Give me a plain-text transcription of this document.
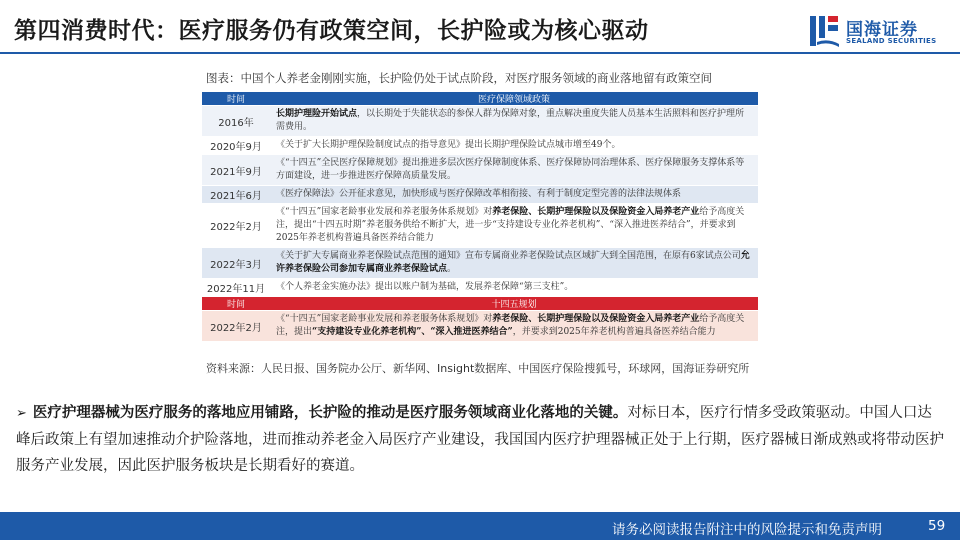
第四消费时代：医疗服务仍有政策空间，长护险或为核心驱动	国海证券
SEALAND SECURITIES
图表：中国个人养老金刚刚实施，长护险仍处于试点阶段，对医疗服务领域的商业落地留有政策空间
时间	医疗保障领域政策
2016年	长期护理险开始试点，以长期处于失能状态的参保人群为保障对象，重点解决重度失能人员基本生活照料和医疗护理所需费用。
2020年9月	《关于扩大长期护理保险制度试点的指导意见》提出长期护理保险试点城市增至49个。
2021年9月	《“十四五”全民医疗保障规划》提出推进多层次医疗保障制度体系、医疗保障协同治理体系、医疗保障服务支撑体系等方面建设，进一步推进医疗保障高质量发展。
2021年6月	《医疗保障法》公开征求意见，加快形成与医疗保障改革相衔接、有利于制度定型完善的法律法规体系
2022年2月	《“十四五”国家老龄事业发展和养老服务体系规划》对养老保险、长期护理保险以及保险资金入局养老产业给予高度关注，提出“十四五时期”养老服务供给不断扩大，进一步“支持建设专业化养老机构”、“深入推进医养结合”，并要求到2025年养老机构普遍具备医养结合能力
2022年3月	《关于扩大专属商业养老保险试点范围的通知》宣布专属商业养老保险试点区域扩大到全国范围，在原有6家试点公司允许养老保险公司参加专属商业养老保险试点。
2022年11月	《个人养老金实施办法》提出以账户制为基础，发展养老保障“第三支柱”。
时间	十四五规划
2022年2月	《“十四五”国家老龄事业发展和养老服务体系规划》对养老保险、长期护理保险以及保险资金入局养老产业给予高度关注，提出“支持建设专业化养老机构”、“深入推进医养结合”，并要求到2025年养老机构普遍具备医养结合能力
资料来源：人民日报、国务院办公厅、新华网、Insight数据库、中国医疗保险搜狐号，环球网，国海证券研究所
➢ 医疗护理器械为医疗服务的落地应用铺路，长护险的推动是医疗服务领域商业化落地的关键。对标日本，医疗行情多受政策驱动。中国人口达峰后政策上有望加速推动介护险落地，进而推动养老金入局医疗产业建设，我国国内医疗护理器械正处于上行期，医疗器械日渐成熟或将带动医护服务产业发展，因此医护服务板块是长期看好的赛道。
请务必阅读报告附注中的风险提示和免责声明	59
